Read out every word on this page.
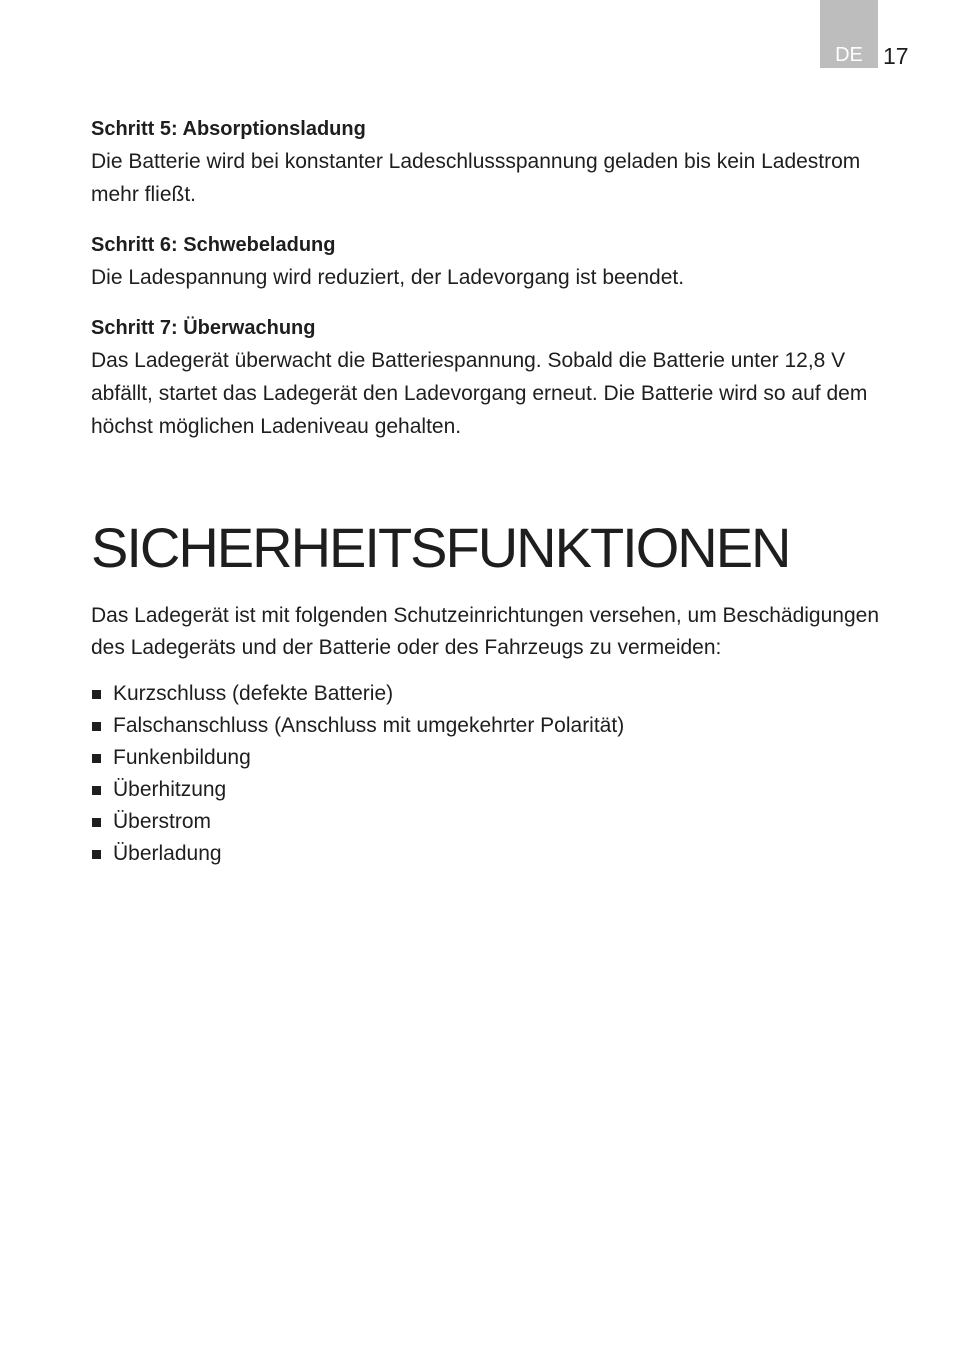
DE 17

Schritt 5: Absorptionsladung

Die Batterie wird bei konstanter Ladeschlussspannung geladen bis kein Ladestrom
mehr fließt.

Schritt 6: Schwebeladung

Die Ladespannung wird reduziert, der Ladevorgang ist beendet.

Schritt 7: Überwachung

Das Ladegerät überwacht die Batteriespannung. Sobald die Batterie unter 12,8 V
abfällt, startet das Ladegerät den Ladevorgang erneut. Die Batterie wird so auf dem
höchst möglichen Ladeniveau gehalten.

SICHERHEITSFUNKTIONEN

Das Ladegerät ist mit folgenden Schutzeinrichtungen versehen, um Beschädigungen
des Ladegeräts und der Batterie oder des Fahrzeugs zu vermeiden:

Kurzschluss (defekte Batterie)
Falschanschluss (Anschluss mit umgekehrter Polarität)
Funkenbildung
Überhitzung
Überstrom
Überladung
